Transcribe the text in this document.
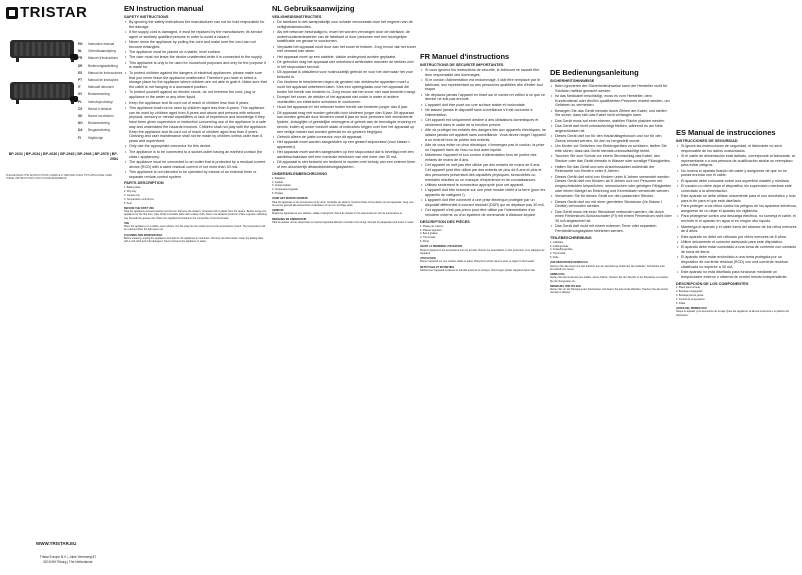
TRISTAR
EN Instruction manual
NL Gebruiksaanwijzing
FR Manuel d'instructions
DE Bedienungsanleitung
ES Manual de instrucciones
PT Manual de instruções
IT Manuale istruzioni
SV Bruksanvisning
PL Instrukcja obsługi
CS Návod k obsluze
SK Návod na obsluhu
NO Bruksanvisning
DA Brugsanvisning
FI Käyttöohje
BP-2631 | BP-2634 | BP-2636 | BP-2945 | BP-2946 | BP-2978 | BP-2984
PLEASE READ THE INSTRUCTIONS CAREFULLY BEFORE USING THIS APPLIANCE. KEEP THESE INSTRUCTIONS FOR FUTURE REFERENCE.
WWW.TRISTAR.EU
Tristar Europe B.V. | Jules Verneweg 87
5015 BH Tilburg | The Netherlands
EN Instruction manual
SAFETY INSTRUCTIONS

• By ignoring the safety instructions the manufacturer can not be hold responsible for the damage.

• If the supply cord is damaged, it must be replaced by the manufacturer, its service agent or similarly qualified persons in order to avoid a hazard.

• Never move the appliance by pulling the cord and make sure the cord can not become entangled.

• The appliance must be placed on a stable, level surface.

• The user must not leave the device unattended while it is connected to the supply.

• This appliance is only to be used for household purposes and only for the purpose it is made for.

• To protect children against the dangers of electrical appliances, please make sure that you never leave the appliance unattended. Therefore you have to select a storage place for the appliance where children are not able to grab it. Make sure that the cable is not hanging in a downward position.

• To protect yourself against an electric shock, do not immerse the cord, plug or appliance in the water or any other liquid.

• Keep the appliance and its cord out of reach of children less than 8 years.

• This appliance shall not be used by children aged less than 8 years. This appliance can be used by children aged from 8 years and above and persons with reduced physical, sensory or mental capabilities or lack of experience and knowledge if they have been given supervision or instruction concerning use of the appliance in a safe way and understand the hazards involved. Children shall not play with the appliance. Keep the appliance and its cord out of reach of children aged less than 8 years. Cleaning and user maintenance shall not be made by children unless older than 8 years and supervised.

• Only use the appropriate connector for this device.

• The appliance is to be connected to a socket-outlet having an earthed contact (for class I appliances).

• The appliance must be connected to an outlet that is protected by a residual current device (RCD) with a rated residual current of not more than 30 mA.

• This appliance is not intended to be operated by means of an external timer or separate remote-control system.

PARTS DESCRIPTION

1. Baking plate

2. Drip tray

3. Grease tray

4. Temperature control box

5. Feet

BEFORE THE FIRST USE

Take the appliance and accessories out the box. Remove the stickers, protective foil or plastic from the device. Before using your appliance for the first time, wipe off all removable parts with a damp cloth. Never use abrasive products. Place a grease collecting tray beneath the grease slot. Place the supplied thermostat in the connection of the thermostat.

USE

Place the appliance on a stable, level surface. Put the plug into the socket and set the temperature control. The temperature will be reached when the light goes out.

CLEANING AND MAINTENANCE

Before cleaning, unplug the appliance and wait for the appliance to cool down. Remove the thermostat. Clean the baking plate with a soft cloth and mild detergent. Never immerse the appliance in water.

NL Gebruiksaanwijzing
VEILIGHEIDSINSTRUCTIES

• De fabrikant is niet aansprakelijk voor schade veroorzaakt door het negeren van de veiligheidsinstructies.

• Als het netsnoer beschadigd is, moet het worden vervangen door de fabrikant, de onderhoudsmedewerker van de fabrikant of door personen met een soortgelijke kwalificatie om gevaar te voorkomen.

• Verplaats het apparaat nooit door aan het snoer te trekken. Zorg ervoor dat het snoer niet verward kan raken.

• Het apparaat moet op een stabiele, vlakke ondergrond worden geplaatst.

• De gebruiker mag het apparaat niet onbeheerd achterlaten wanneer de stekker zich in het stopcontact bevindt.

• Dit apparaat is uitsluitend voor huishoudelijk gebruik en voor het doel waar het voor bedoeld is.

• Om kinderen te beschermen tegen de gevaren van elektrische apparaten moet u nooit het apparaat onbeheerd laten. Kies een opbergplaats voor het apparaat die buiten het bereik van kinderen is. Zorg ervoor dat het snoer niet naar beneden hangt.

• Dompel het snoer, de stekker of het apparaat niet onder in water of andere vloeistoffen om elektrische schokken te voorkomen.

• Houd het apparaat en het netsnoer buiten bereik van kinderen jonger dan 8 jaar.

• Dit apparaat mag niet worden gebruikt door kinderen jonger dan 8 jaar. Dit apparaat kan worden gebruikt door kinderen vanaf 8 jaar en door personen met verminderde fysieke, zintuiglijke of geestelijke vermogens of gebrek aan de benodigde ervaring en kennis, indien zij onder toezicht staan of instructies krijgen over hoe het apparaat op een veilige manier kan worden gebruikt en de gevaren begrijpen.

• Gebruik alleen de juiste connector voor dit apparaat.

• Het apparaat moet worden aangesloten op een geaard stopcontact (voor klasse I-apparaten).

• Het apparaat moet worden aangesloten op een stopcontact dat is beveiligd met een aardlekschakelaar met een nominale lekstroom van niet meer dan 30 mA.

• Dit apparaat is niet bedoeld om bediend te worden met behulp van een externe timer of een afzonderlijk afstandsbedieningssysteem.

ONDERDELENBESCHRIJVING

1. Bakplaat

2. Lekbak

3. Vetopvangbak

4. Temperatuurregelaar

5. Pootjes

VOOR HET EERSTE GEBRUIK

Haal het apparaat en de accessoires uit de doos. Verwijder de stickers, beschermfolie of het plastic van het apparaat. Veeg voor het eerste gebruik alle afneembare onderdelen af met een vochtige doek.

GEBRUIK

Plaats het apparaat op een stabiele, vlakke ondergrond. Steek de stekker in het stopcontact en stel de temperatuur in.

REINIGING EN ONDERHOUD

Haal de stekker uit het stopcontact en laat het apparaat afkoelen voordat u het reinigt. Dompel het apparaat nooit onder in water.

FR Manuel d'instructions
INSTRUCTIONS DE SÉCURITÉ IMPORTANTES

• Si vous ignorez les instructions de sécurité, le fabricant ne saurait être tenu responsable des dommages.

• Si le cordon d'alimentation est endommagé, il doit être remplacé par le fabricant, son représentant ou des personnes qualifiées afin d'éviter tout risque.

• Ne déplacez jamais l'appareil en tirant sur le cordon et veillez à ce que ce dernier ne soit pas enroulé.

• L'appareil doit être posé sur une surface stable et horizontale.

• Ne laissez jamais le dispositif sans surveillance s'il est connecté à l'alimentation.

• Cet appareil est uniquement destiné à des utilisations domestiques et seulement dans le cadre de la fonction prévue.

• Afin de protéger les enfants des dangers liés aux appareils électriques, ne laissez jamais cet appareil sans surveillance. Vous devez ranger l'appareil à un endroit hors de portée des enfants.

• Afin de vous éviter un choc électrique, n'immergez pas le cordon, la prise ou l'appareil dans de l'eau ou tout autre liquide.

• Maintenez l'appareil et son cordon d'alimentation hors de portée des enfants de moins de 8 ans.

• Cet appareil ne doit pas être utilisé par des enfants de moins de 8 ans. Cet appareil peut être utilisé par des enfants de plus de 8 ans et plus et des personnes présentant des capacités physiques, sensorielles ou mentales réduites ou un manque d'expérience et de connaissances.

• Utilisez seulement le connecteur approprié pour cet appareil.

• L'appareil doit être branché sur une prise murale reliée à la terre (pour les appareils de catégorie I).

• L'appareil doit être connecté à une prise électrique protégée par un dispositif différentiel à courant résiduel (DDR) qui ne dépasse pas 30 mA.

• Cet appareil n'est pas prévu pour être utilisé par l'intermédiaire d'un minuteur externe ou d'un système de commande à distance séparé.

DESCRIPTION DES PIÈCES

1. Plaque de cuisson

2. Plateau égouttoir

3. Bac à graisse

4. Thermostat

5. Pieds

AVANT LA PREMIÈRE UTILISATION

Retirez l'appareil et les accessoires hors de la boîte. Retirez les autocollants, le film protecteur ou le plastique de l'appareil.

UTILISATION

Placez l'appareil sur une surface stable et plane. Branchez la fiche dans la prise et réglez le thermostat.

NETTOYAGE ET ENTRETIEN

Débranchez l'appareil et laissez-le refroidir avant de le nettoyer. N'immergez jamais l'appareil dans l'eau.

DE Bedienungsanleitung
SICHERHEITSHINWEISE

• Beim Ignorieren der Sicherheitshinweise kann der Hersteller nicht für Schäden haftbar gemacht werden.

• Ist das Netzkabel beschädigt, muss es vom Hersteller, dem Kundendienst oder ähnlich qualifizierten Personen ersetzt werden, um Gefahren zu vermeiden.

• Bewegen Sie das Gerät niemals durch Ziehen am Kabel, und stellen Sie sicher, dass sich das Kabel nicht verfangen kann.

• Das Gerät muss auf einer ebenen, stabilen Fläche platziert werden.

• Das Gerät darf nicht unbeaufsichtigt bleiben, während es am Netz angeschlossen ist.

• Dieses Gerät darf nur für den Haushaltsgebrauch und nur für den Zweck benutzt werden, für den es hergestellt wurde.

• Um Kinder vor Gefahren von Elektrogeräten zu schützen, stellen Sie bitte sicher, dass das Gerät niemals unbeaufsichtigt bleibt.

• Tauchen Sie zum Schutz vor einem Stromschlag das Kabel, den Stecker oder das Gerät niemals in Wasser oder sonstige Flüssigkeiten.

• Halten Sie das Gerät und sein Anschlusskabel außerhalb der Reichweite von Kindern unter 8 Jahren.

• Dieses Gerät darf nicht von Kindern unter 8 Jahren verwendet werden. Dieses Gerät darf von Kindern ab 8 Jahren und von Personen mit eingeschränkten körperlichen, sensorischen oder geistigen Fähigkeiten oder einem Mangel an Erfahrung und Kenntnissen verwendet werden.

• Verwenden Sie für dieses Gerät nur den passenden Stecker.

• Dieses Gerät darf nur mit einer geerdeten Steckdose (für Klasse I Geräte) verbunden werden.

• Das Gerät muss mit einer Steckdose verbunden werden, die durch einen Fehlerstrom-Schutzschalter (FI) mit einem Fehlerstrom nicht über 30 mA abgesichert ist.

• Das Gerät darf nicht mit einem externen Timer oder separaten Fernbedienungssystem betrieben werden.

TEILEBESCHREIBUNG

1. Grillplatte

2. Auffangschale

3. Fettauffangschale

4. Thermostat

5. Füße

VOR DEM ERSTEN GEBRAUCH

Nehmen Sie das Gerät und das Zubehör aus der Verpackung. Entfernen Sie Aufkleber, Schutzfolie oder Kunststoff vom Gerät.

GEBRAUCH

Stellen Sie das Gerät auf eine stabile, ebene Fläche. Stecken Sie den Stecker in die Steckdose und stellen Sie die Temperatur ein.

REINIGUNG UND PFLEGE

Ziehen Sie vor der Reinigung den Netzstecker und lassen Sie das Gerät abkühlen. Tauchen Sie das Gerät niemals in Wasser.

ES Manual de instrucciones
INSTRUCCIONES DE SEGURIDAD

• Si ignora las instrucciones de seguridad, el fabricante no será responsable de los daños ocasionados.

• Si el cable de alimentación está dañado, corresponde al fabricante, al representante o a una persona de cualificación similar su reemplazo para evitar peligros.

• No mueva el aparato tirando del cable y asegúrese de que no se pueda enredar con el cable.

• El aparato debe colocarse sobre una superficie estable y nivelada.

• El usuario no debe dejar el dispositivo sin supervisión mientras esté conectado a la alimentación.

• Este aparato se debe utilizar únicamente para el uso doméstico y sólo para el fin para el que está diseñado.

• Para proteger a los niños contra los peligros de los aparatos eléctricos, asegúrese de no dejar el aparato sin vigilancia.

• Para protegerse contra una descarga eléctrica, no sumerja el cable, el enchufe ni el aparato en agua ni en ningún otro líquido.

• Mantenga el aparato y el cable fuera del alcance de los niños menores de 8 años.

• Este aparato no debe ser utilizado por niños menores de 8 años.

• Utilice únicamente el conector adecuado para este dispositivo.

• El aparato debe estar conectado a una toma de corriente con contacto de toma de tierra.

• El aparato debe estar enchufado a una toma protegida por un dispositivo de corriente residual (RCD) con una corriente residual clasificada no superior a 30 mA.

• Este aparato no está diseñado para funcionar mediante un temporizador externo o sistema de control remoto independiente.

DESCRIPCIÓN DE LOS COMPONENTES

1. Placa para hornear

2. Bandeja recogegotas

3. Bandeja para la grasa

4. Control de temperatura

5. Patas

ANTES DEL PRIMER USO

Saque el aparato y los accesorios de la caja. Quite las pegatinas, la lámina protectora o el plástico del dispositivo.
